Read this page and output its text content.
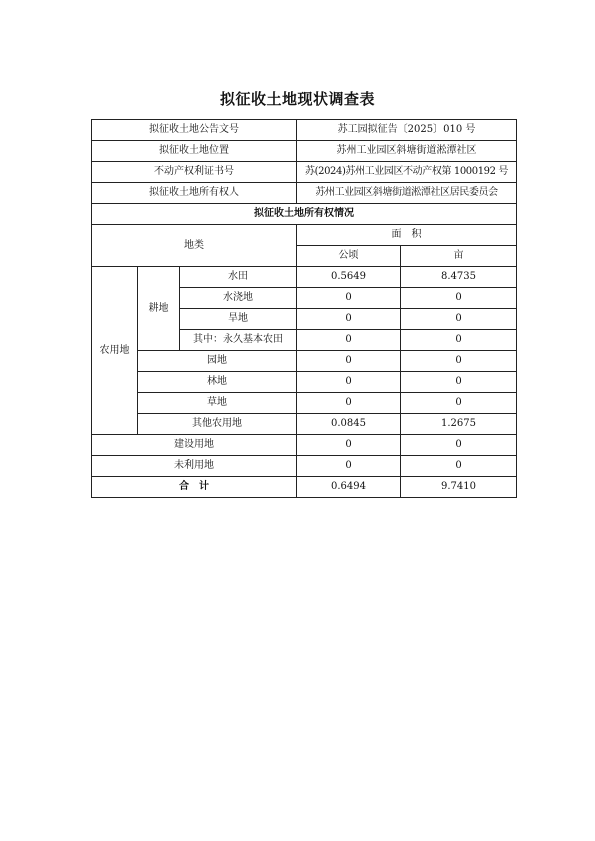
拟征收土地现状调查表
拟征收土地公告文号			苏工园拟征告〔2025〕010 号	
拟征收土地位置			苏州工业园区斜塘街道淞潭社区	
不动产权利证书号			苏(2024)苏州工业园区不动产权第 1000192 号	
拟征收土地所有权人			苏州工业园区斜塘街道淞潭社区居民委员会	
拟征收土地所有权情况				
地类			面　积	
			公顷	亩
农用地	耕地	水田	0.5649	8.4735
		水浇地	0	0
		旱地	0	0
		其中：永久基本农田	0	0
	园地		0	0
	林地		0	0
	草地		0	0
	其他农用地		0.0845	1.2675
建设用地			0	0
未利用地			0	0
合　计			0.6494	9.7410
